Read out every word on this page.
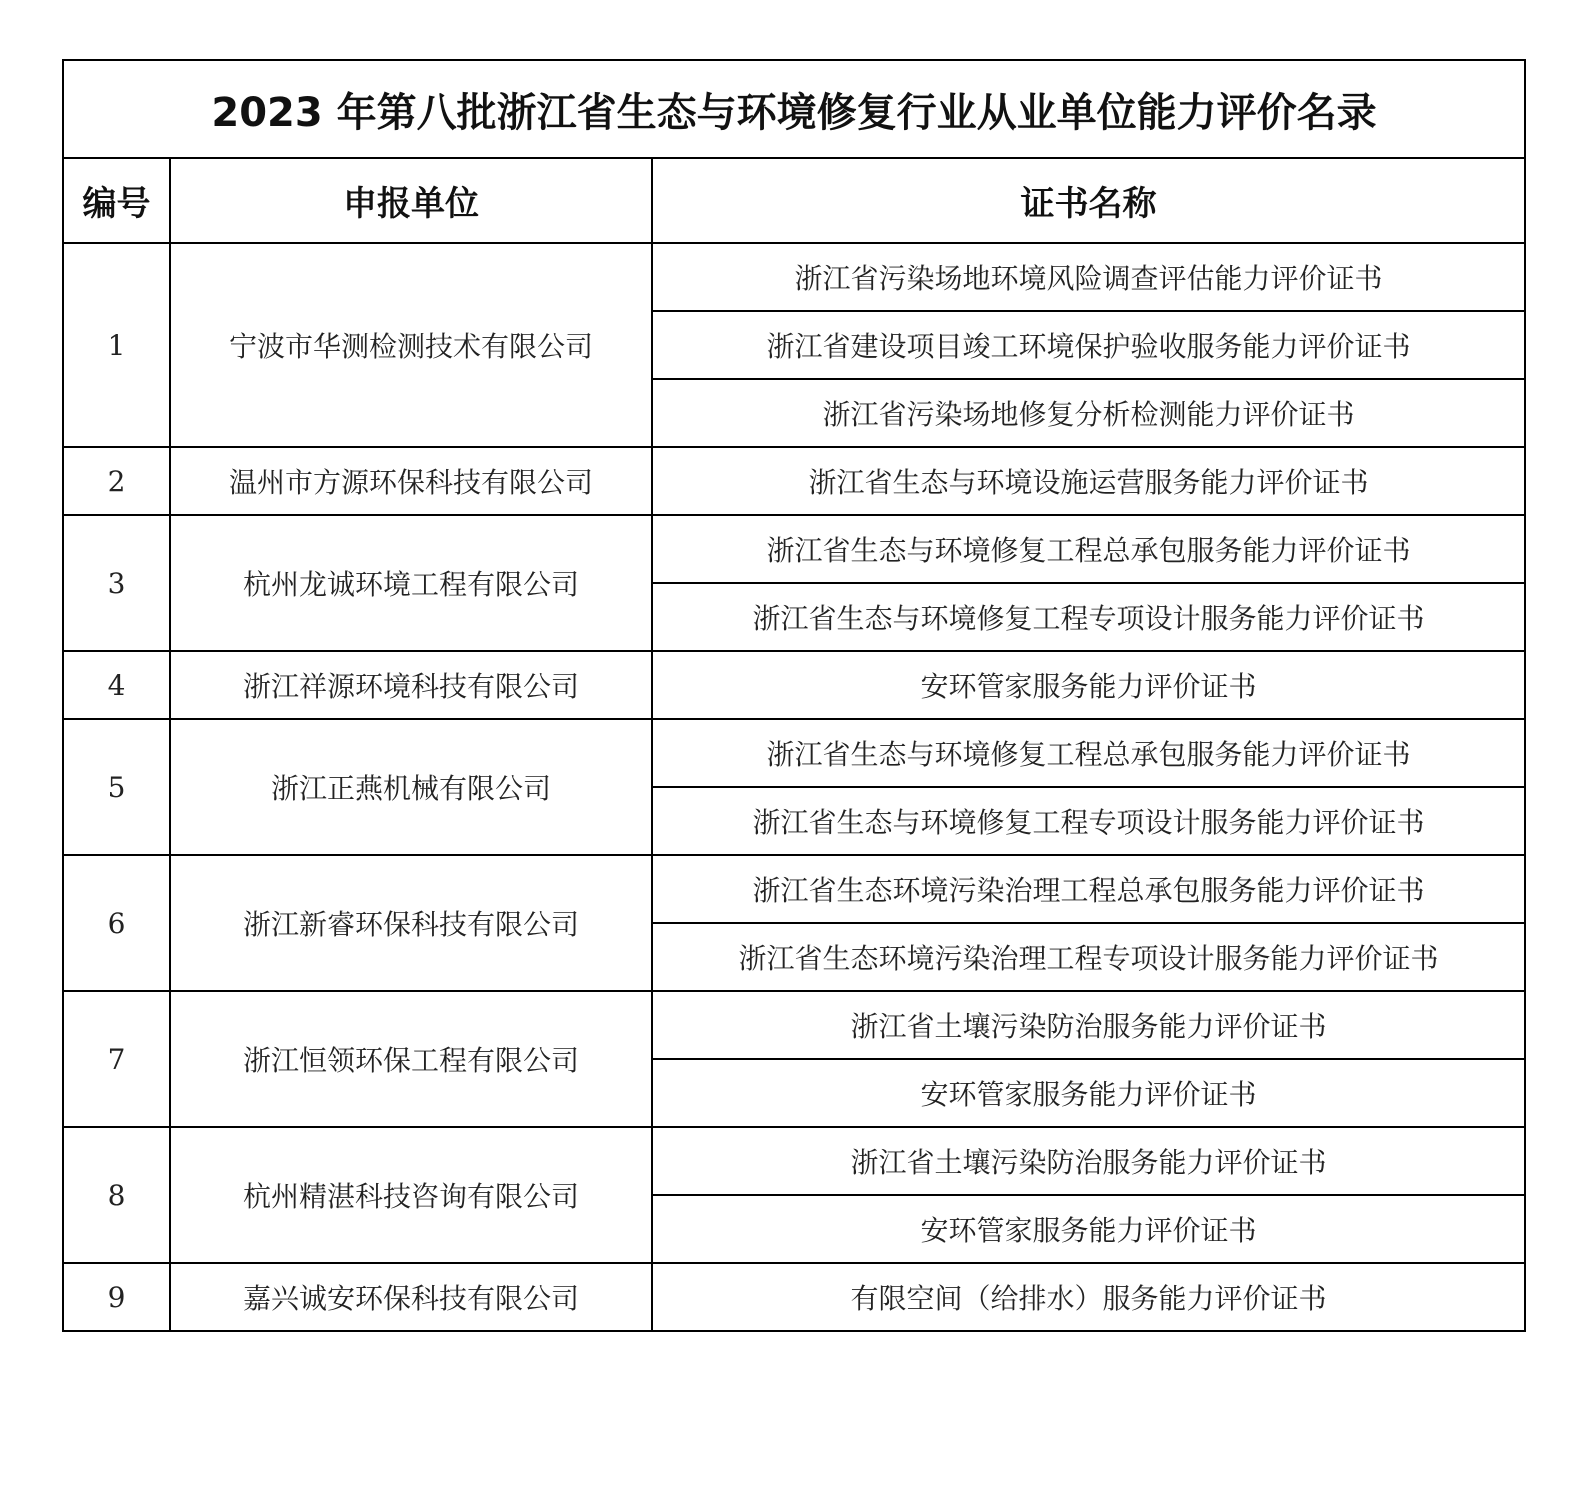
2023 年第八批浙江省生态与环境修复行业从业单位能力评价名录		
编号	申报单位	证书名称
1	宁波市华测检测技术有限公司	浙江省污染场地环境风险调查评估能力评价证书
		浙江省建设项目竣工环境保护验收服务能力评价证书
		浙江省污染场地修复分析检测能力评价证书
2	温州市方源环保科技有限公司	浙江省生态与环境设施运营服务能力评价证书
3	杭州龙诚环境工程有限公司	浙江省生态与环境修复工程总承包服务能力评价证书
		浙江省生态与环境修复工程专项设计服务能力评价证书
4	浙江祥源环境科技有限公司	安环管家服务能力评价证书
5	浙江正燕机械有限公司	浙江省生态与环境修复工程总承包服务能力评价证书
		浙江省生态与环境修复工程专项设计服务能力评价证书
6	浙江新睿环保科技有限公司	浙江省生态环境污染治理工程总承包服务能力评价证书
		浙江省生态环境污染治理工程专项设计服务能力评价证书
7	浙江恒领环保工程有限公司	浙江省土壤污染防治服务能力评价证书
		安环管家服务能力评价证书
8	杭州精湛科技咨询有限公司	浙江省土壤污染防治服务能力评价证书
		安环管家服务能力评价证书
9	嘉兴诚安环保科技有限公司	有限空间（给排水）服务能力评价证书
